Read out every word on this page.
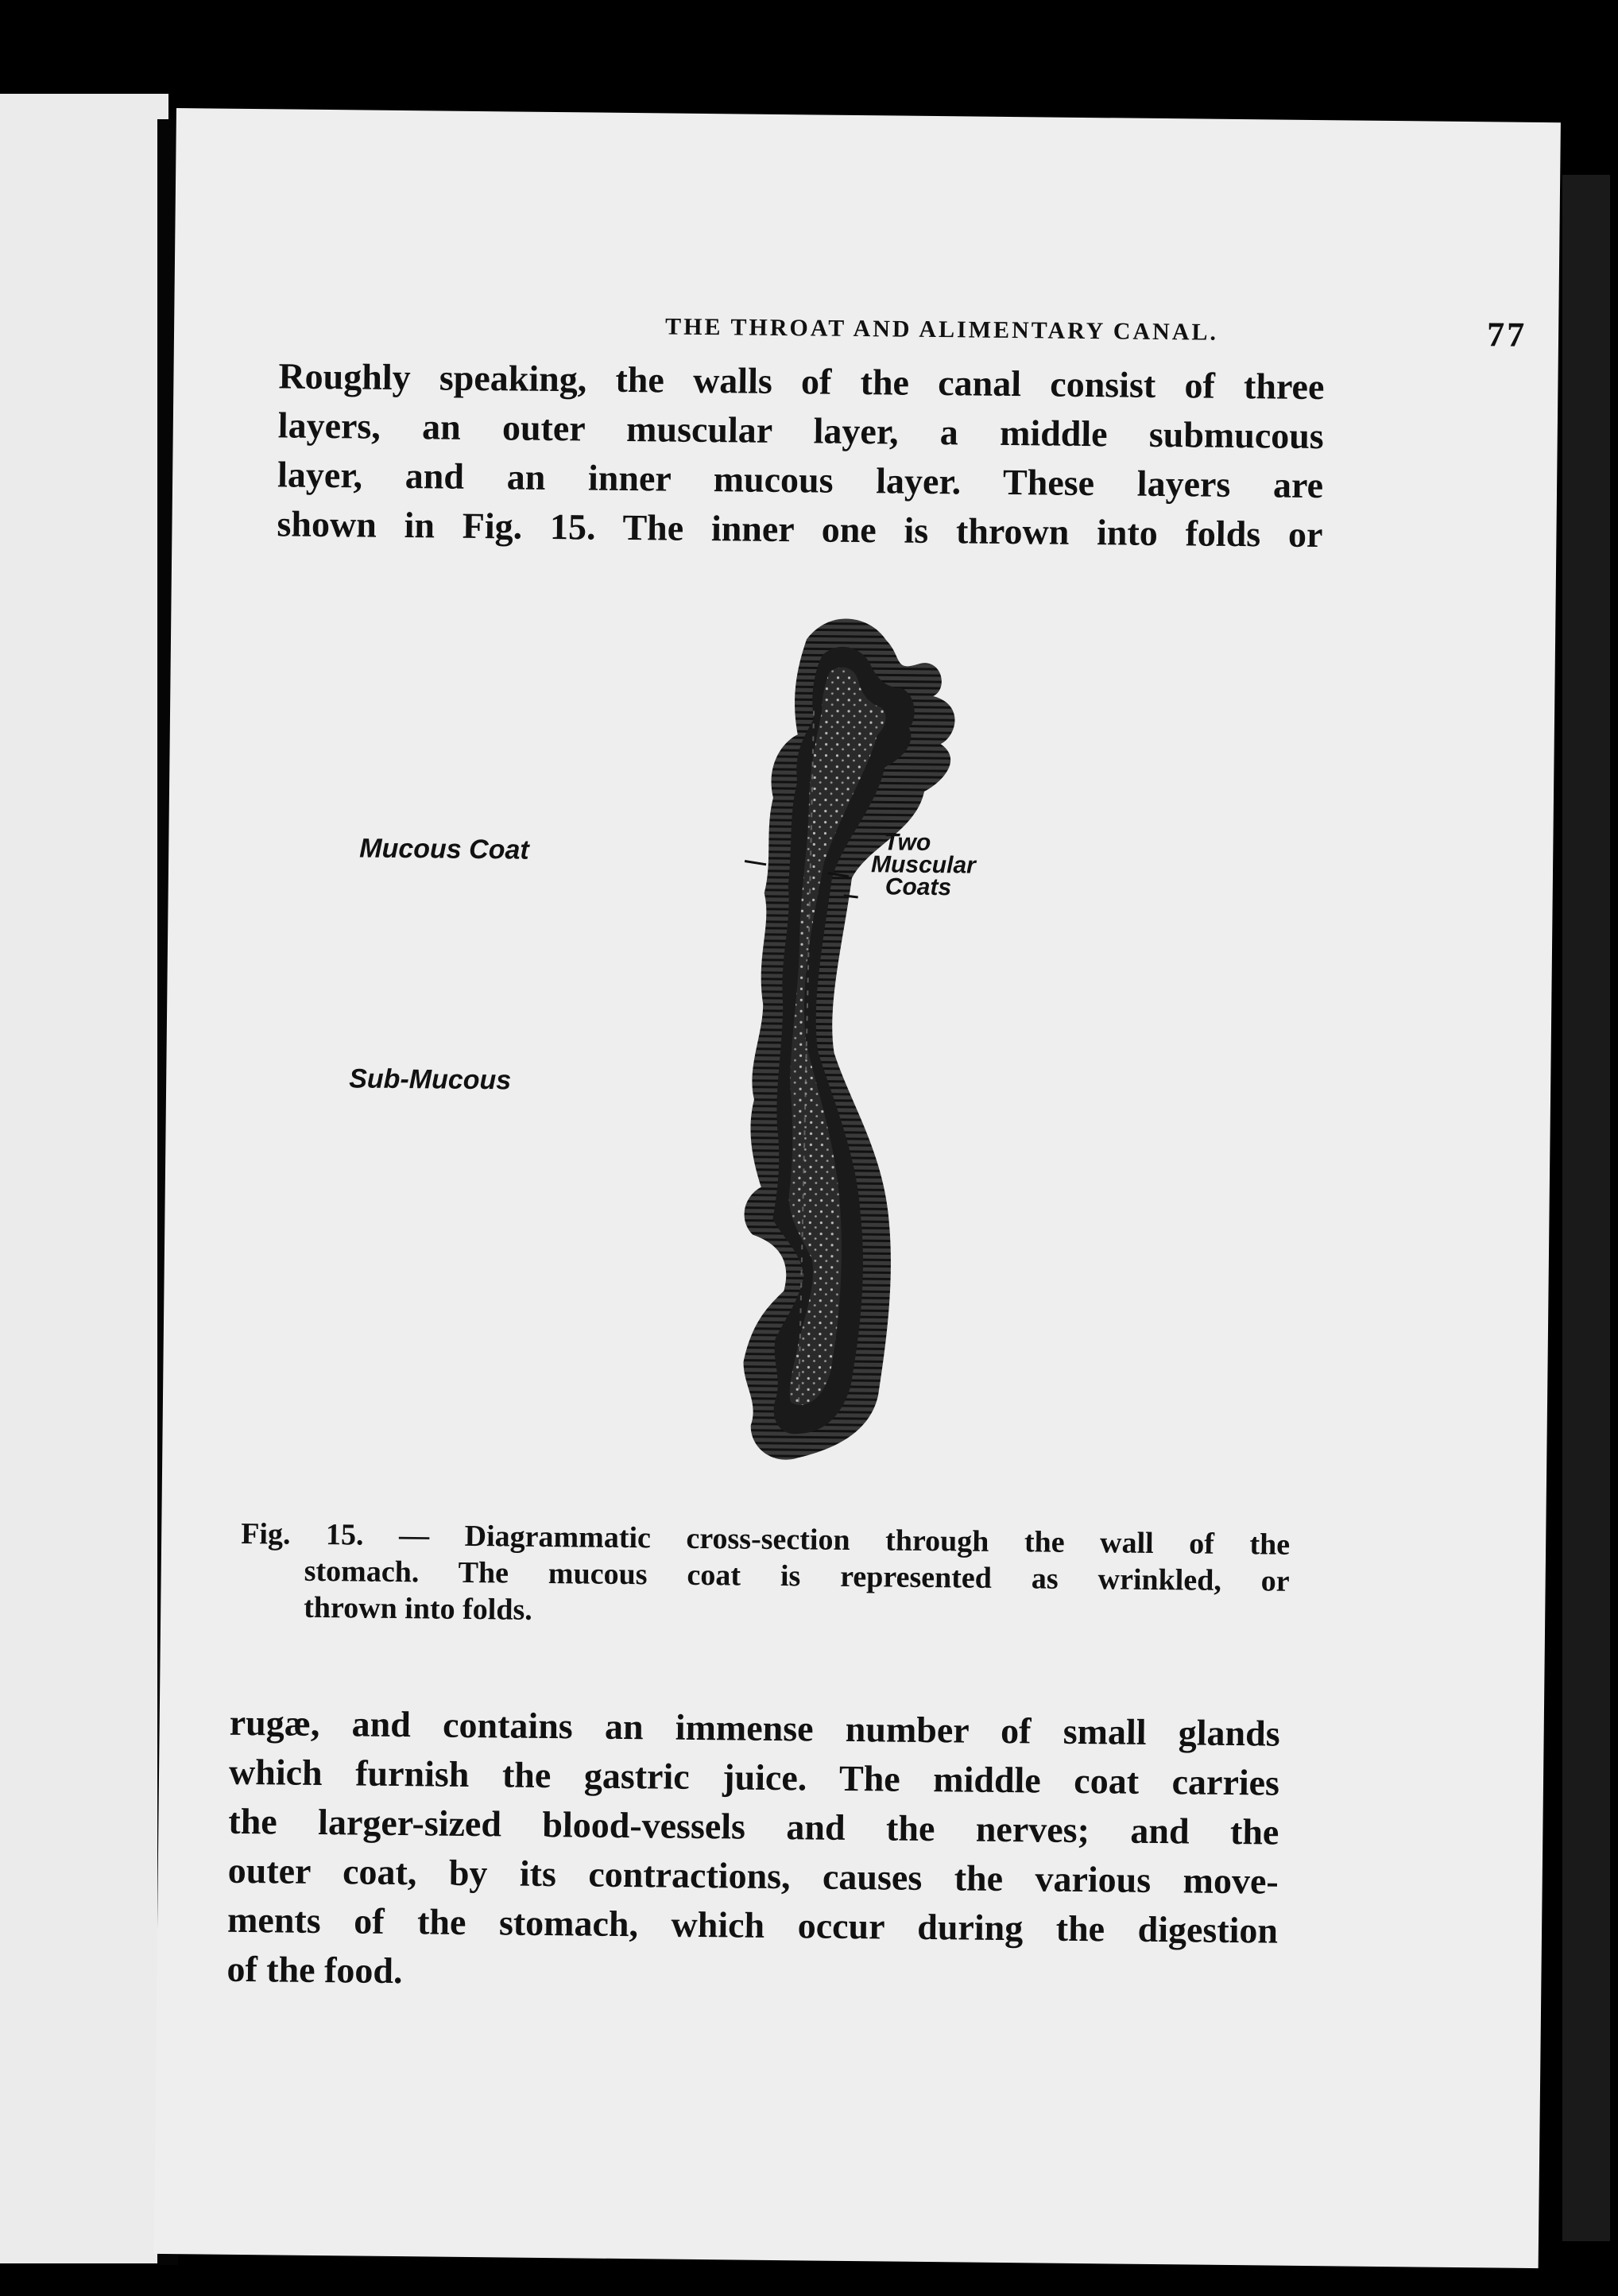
THE THROAT AND ALIMENTARY CANAL.	77
Roughly speaking, the walls of the canal consist of three
layers, an outer muscular layer, a middle submucous
layer, and an inner mucous layer. These layers are
shown in Fig. 15. The inner one is thrown into folds or
Mucous Coat
Sub-Mucous
Two
Muscular
Coats
Fig. 15. — Diagrammatic cross-section through the wall of the
stomach. The mucous coat is represented as wrinkled, or
thrown into folds.
rugæ, and contains an immense number of small glands
which furnish the gastric juice. The middle coat carries
the larger-sized blood-vessels and the nerves; and the
outer coat, by its contractions, causes the various move-
ments of the stomach, which occur during the digestion
of the food.
